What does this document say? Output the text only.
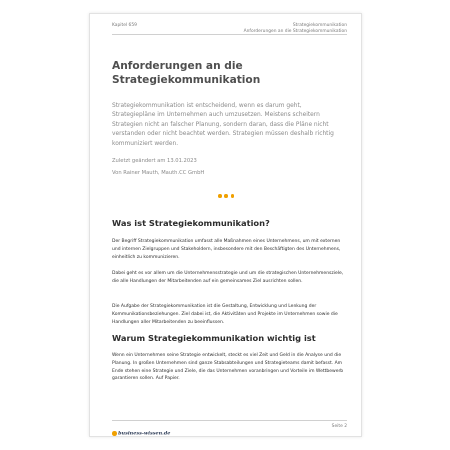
Kapitel 659	Strategiekommunikation
Anforderungen an die Strategiekommunikation
Anforderungen an die Strategiekommunikation

Strategiekommunikation ist entscheidend, wenn es darum geht, Strategiepläne im Unternehmen auch umzusetzen. Meistens scheitern Strategien nicht an falscher Planung, sondern daran, dass die Pläne nicht verstanden oder nicht beachtet werden. Strategien müssen deshalb richtig kommuniziert werden.

Zuletzt geändert am 13.01.2023
Von Rainer Mauth, Mauth.CC GmbH
Was ist Strategiekommunikation?

Der Begriff Strategiekommunikation umfasst alle Maßnahmen eines Unternehmens, um mit externen und internen Zielgruppen und Stakeholdern, insbesondere mit den Beschäftigten des Unternehmens, einheitlich zu kommunizieren.

Dabei geht es vor allem um die Unternehmensstrategie und um die strategischen Unternehmensziele, die alle Handlungen der Mitarbeitenden auf ein gemeinsames Ziel ausrichten sollen.

Die Aufgabe der Strategiekommunikation ist die Gestaltung, Entwicklung und Lenkung der Kommunikationsbeziehungen. Ziel dabei ist, die Aktivitäten und Projekte im Unternehmen sowie die Handlungen aller Mitarbeitenden zu beeinflussen.

Warum Strategiekommunikation wichtig ist

Wenn ein Unternehmen seine Strategie entwickelt, steckt es viel Zeit und Geld in die Analyse und die Planung. In großen Unternehmen sind ganze Stabsabteilungen und Strategieteams damit befasst. Am Ende stehen eine Strategie und Ziele, die das Unternehmen voranbringen und Vorteile im Wettbewerb garantieren sollen. Auf Papier.

business-wissen.de
Seite 2
